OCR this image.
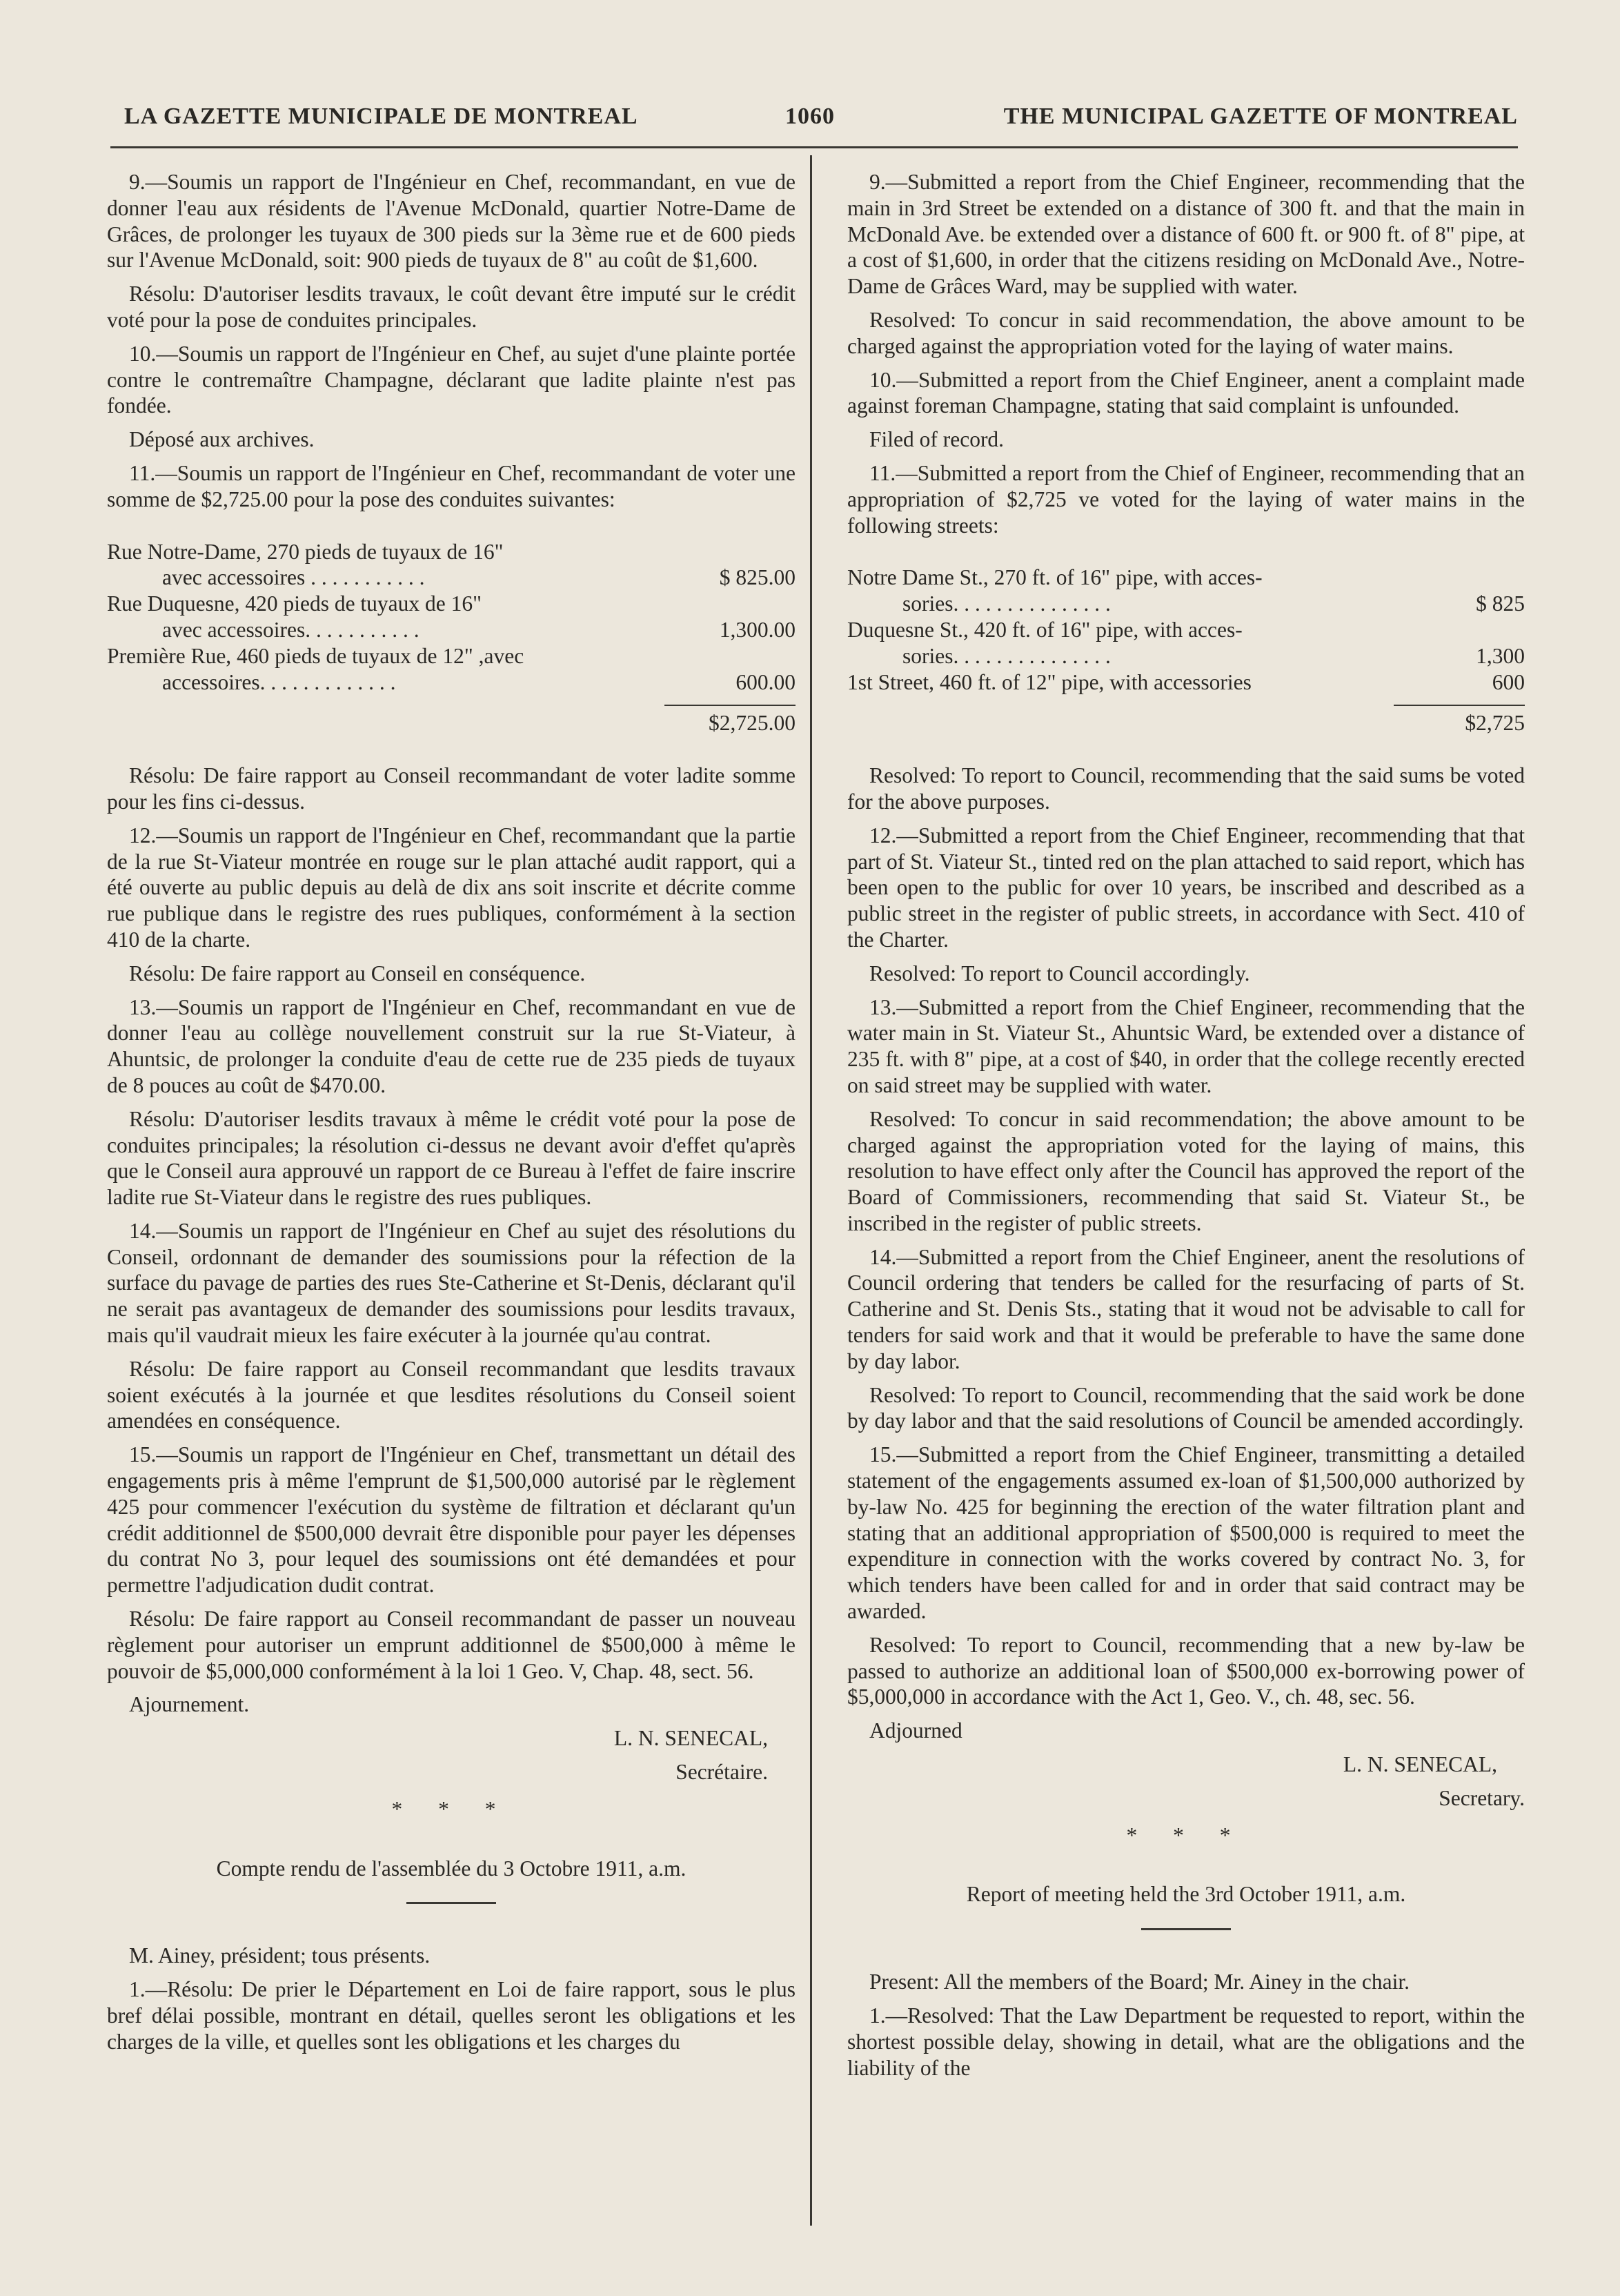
LA GAZETTE MUNICIPALE DE MONTREAL	1060	THE MUNICIPAL GAZETTE OF MONTREAL

9.—Soumis un rapport de l'Ingénieur en Chef, recommandant, en vue de donner l'eau aux résidents de l'Avenue McDonald, quartier Notre-Dame de Grâces, de prolonger les tuyaux de 300 pieds sur la 3ème rue et de 600 pieds sur l'Avenue McDonald, soit: 900 pieds de tuyaux de 8" au coût de $1,600.

Résolu: D'autoriser lesdits travaux, le coût devant être imputé sur le crédit voté pour la pose de conduites principales.

10.—Soumis un rapport de l'Ingénieur en Chef, au sujet d'une plainte portée contre le contremaître Champagne, déclarant que ladite plainte n'est pas fondée.

Déposé aux archives.

11.—Soumis un rapport de l'Ingénieur en Chef, recommandant de voter une somme de $2,725.00 pour la pose des conduites suivantes:

Rue Notre-Dame, 270 pieds de tuyaux de 16"
avec accessoires . . . . . . . . . . .	$ 825.00
Rue Duquesne, 420 pieds de tuyaux de 16"
avec accessoires. . . . . . . . . . .	1,300.00
Première Rue, 460 pieds de tuyaux de 12" ,avec
accessoires. . . . . . . . . . . . .	600.00
$2,725.00

Résolu: De faire rapport au Conseil recommandant de voter ladite somme pour les fins ci-dessus.

12.—Soumis un rapport de l'Ingénieur en Chef, recommandant que la partie de la rue St-Viateur montrée en rouge sur le plan attaché audit rapport, qui a été ouverte au public depuis au delà de dix ans soit inscrite et décrite comme rue publique dans le registre des rues publiques, conformément à la section 410 de la charte.

Résolu: De faire rapport au Conseil en conséquence.

13.—Soumis un rapport de l'Ingénieur en Chef, recommandant en vue de donner l'eau au collège nouvellement construit sur la rue St-Viateur, à Ahuntsic, de prolonger la conduite d'eau de cette rue de 235 pieds de tuyaux de 8 pouces au coût de $470.00.

Résolu: D'autoriser lesdits travaux à même le crédit voté pour la pose de conduites principales; la résolution ci-dessus ne devant avoir d'effet qu'après que le Conseil aura approuvé un rapport de ce Bureau à l'effet de faire inscrire ladite rue St-Viateur dans le registre des rues publiques.

14.—Soumis un rapport de l'Ingénieur en Chef au sujet des résolutions du Conseil, ordonnant de demander des soumissions pour la réfection de la surface du pavage de parties des rues Ste-Catherine et St-Denis, déclarant qu'il ne serait pas avantageux de demander des soumissions pour lesdits travaux, mais qu'il vaudrait mieux les faire exécuter à la journée qu'au contrat.

Résolu: De faire rapport au Conseil recommandant que lesdits travaux soient exécutés à la journée et que lesdites résolutions du Conseil soient amendées en conséquence.

15.—Soumis un rapport de l'Ingénieur en Chef, transmettant un détail des engagements pris à même l'emprunt de $1,500,000 autorisé par le règlement 425 pour commencer l'exécution du système de filtration et déclarant qu'un crédit additionnel de $500,000 devrait être disponible pour payer les dépenses du contrat No 3, pour lequel des soumissions ont été demandées et pour permettre l'adjudication dudit contrat.

Résolu: De faire rapport au Conseil recommandant de passer un nouveau règlement pour autoriser un emprunt additionnel de $500,000 à même le pouvoir de $5,000,000 conformément à la loi 1 Geo. V, Chap. 48, sect. 56.

Ajournement.

L. N. SENECAL,

Secrétaire.

* * *

Compte rendu de l'assemblée du 3 Octobre 1911, a.m.

M. Ainey, président; tous présents.

1.—Résolu: De prier le Département en Loi de faire rapport, sous le plus bref délai possible, montrant en détail, quelles seront les obligations et les charges de la ville, et quelles sont les obligations et les charges du

9.—Submitted a report from the Chief Engineer, recommending that the main in 3rd Street be extended on a distance of 300 ft. and that the main in McDonald Ave. be extended over a distance of 600 ft. or 900 ft. of 8" pipe, at a cost of $1,600, in order that the citizens residing on McDonald Ave., Notre-Dame de Grâces Ward, may be supplied with water.

Resolved: To concur in said recommendation, the above amount to be charged against the appropriation voted for the laying of water mains.

10.—Submitted a report from the Chief Engineer, anent a complaint made against foreman Champagne, stating that said complaint is unfounded.

Filed of record.

11.—Submitted a report from the Chief of Engineer, recommending that an appropriation of $2,725 ve voted for the laying of water mains in the following streets:

Notre Dame St., 270 ft. of 16" pipe, with acces-
sories. . . . . . . . . . . . . . .	$ 825
Duquesne St., 420 ft. of 16" pipe, with acces-
sories. . . . . . . . . . . . . . .	1,300
1st Street, 460 ft. of 12" pipe, with accessories	600
$2,725

Resolved: To report to Council, recommending that the said sums be voted for the above purposes.

12.—Submitted a report from the Chief Engineer, recommending that that part of St. Viateur St., tinted red on the plan attached to said report, which has been open to the public for over 10 years, be inscribed and described as a public street in the register of public streets, in accordance with Sect. 410 of the Charter.

Resolved: To report to Council accordingly.

13.—Submitted a report from the Chief Engineer, recommending that the water main in St. Viateur St., Ahuntsic Ward, be extended over a distance of 235 ft. with 8" pipe, at a cost of $40, in order that the college recently erected on said street may be supplied with water.

Resolved: To concur in said recommendation; the above amount to be charged against the appropriation voted for the laying of mains, this resolution to have effect only after the Council has approved the report of the Board of Commissioners, recommending that said St. Viateur St., be inscribed in the register of public streets.

14.—Submitted a report from the Chief Engineer, anent the resolutions of Council ordering that tenders be called for the resurfacing of parts of St. Catherine and St. Denis Sts., stating that it woud not be advisable to call for tenders for said work and that it would be preferable to have the same done by day labor.

Resolved: To report to Council, recommending that the said work be done by day labor and that the said resolutions of Council be amended accordingly.

15.—Submitted a report from the Chief Engineer, transmitting a detailed statement of the engagements assumed ex-loan of $1,500,000 authorized by by-law No. 425 for beginning the erection of the water filtration plant and stating that an additional appropriation of $500,000 is required to meet the expenditure in connection with the works covered by contract No. 3, for which tenders have been called for and in order that said contract may be awarded.

Resolved: To report to Council, recommending that a new by-law be passed to authorize an additional loan of $500,000 ex-borrowing power of $5,000,000 in accordance with the Act 1, Geo. V., ch. 48, sec. 56.

Adjourned

L. N. SENECAL,

Secretary.

* * *

Report of meeting held the 3rd October 1911, a.m.

Present: All the members of the Board; Mr. Ainey in the chair.

1.—Resolved: That the Law Department be requested to report, within the shortest possible delay, showing in detail, what are the obligations and the liability of the
